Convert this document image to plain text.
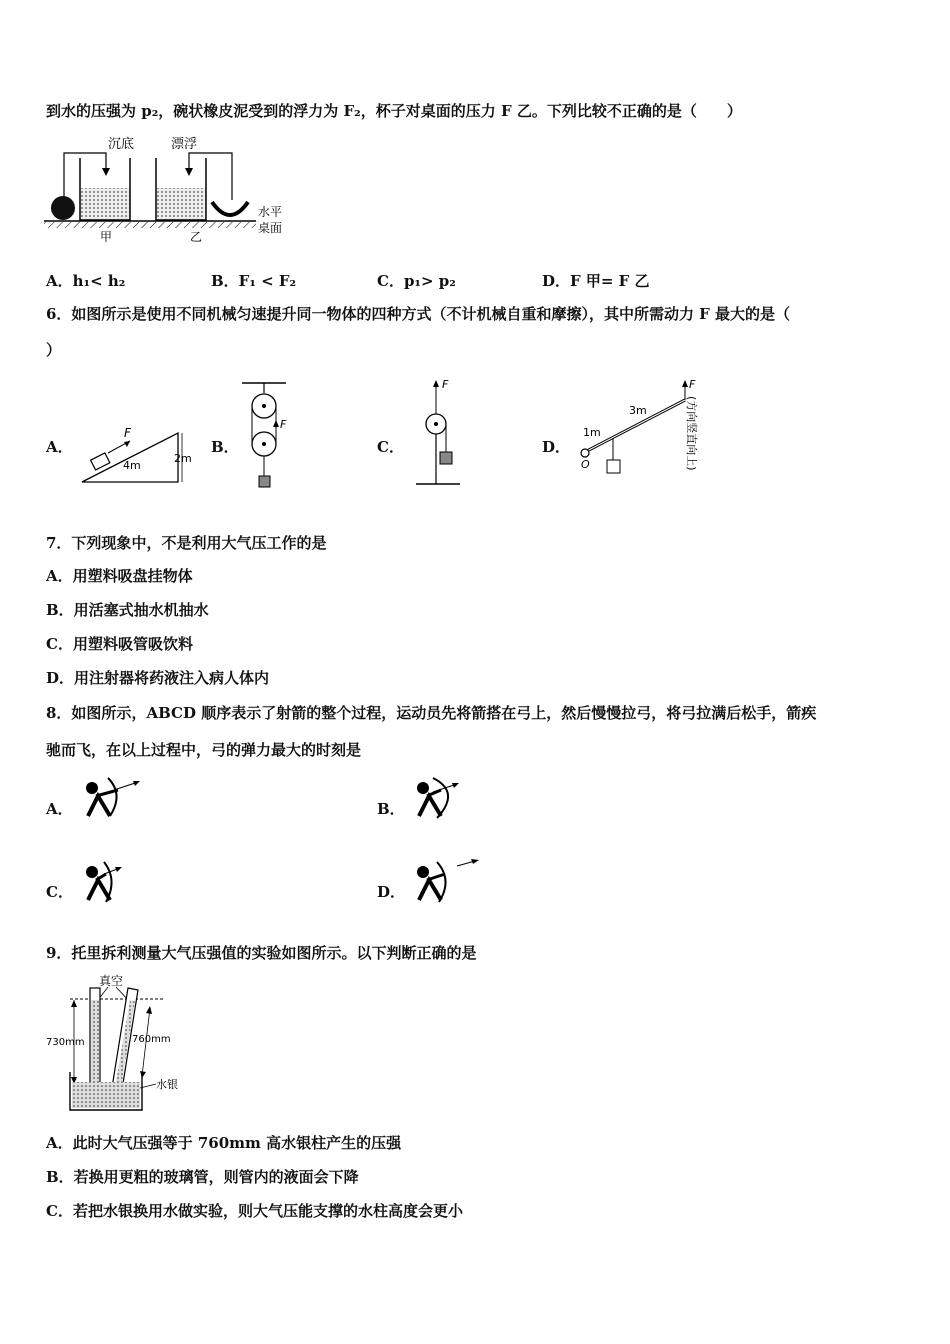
到水的压强为 p₂，碗状橡皮泥受到的浮力为 F₂，杯子对桌面的压力 F 乙。下列比较不正确的是（　　）
沉底	漂浮
甲	乙
水平
桌面
A．h₁< h₂	B．F₁ < F₂	C．p₁> p₂	D．F 甲= F 乙
6．如图所示是使用不同机械匀速提升同一物体的四种方式（不计机械自重和摩擦），其中所需动力 F 最大的是（
）
A．
F
4m
2m
B．
F
C．
F
D．
O
1m
3m
F
(方向竖直向上)
7．下列现象中，不是利用大气压工作的是
A．用塑料吸盘挂物体
B．用活塞式抽水机抽水
C．用塑料吸管吸饮料
D．用注射器将药液注入病人体内
8．如图所示，ABCD 顺序表示了射箭的整个过程，运动员先将箭搭在弓上，然后慢慢拉弓，将弓拉满后松手，箭疾
驰而飞，在以上过程中，弓的弹力最大的时刻是
A．	B．
C．	D．
9．托里拆利测量大气压强值的实验如图所示。以下判断正确的是
真空
730mm	760mm
水银
A．此时大气压强等于 760mm 高水银柱产生的压强
B．若换用更粗的玻璃管，则管内的液面会下降
C．若把水银换用水做实验，则大气压能支撑的水柱高度会更小
